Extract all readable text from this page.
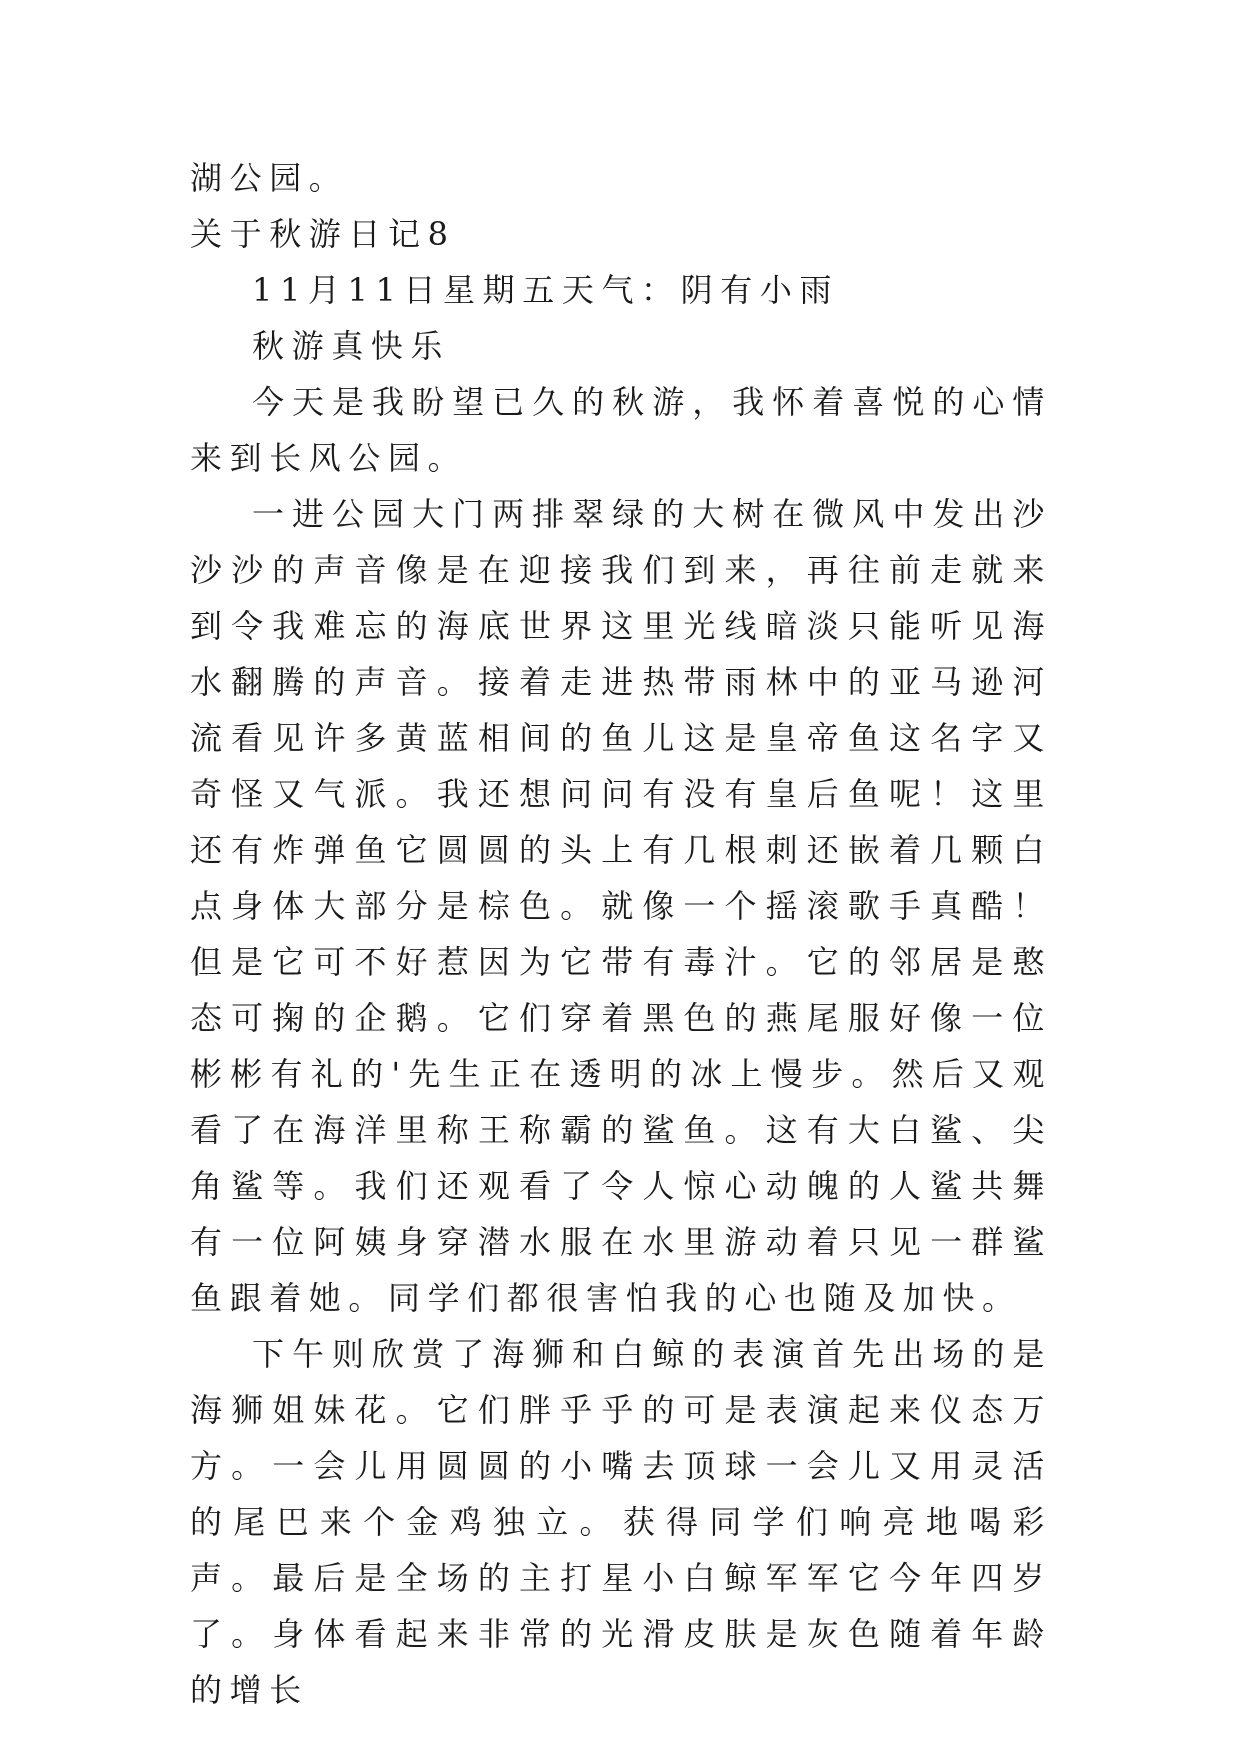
湖公园。

关于秋游日记8

11月11日星期五天气：阴有小雨

秋游真快乐

今天是我盼望已久的秋游，我怀着喜悦的心情来到长风公园。

一进公园大门两排翠绿的大树在微风中发出沙沙沙的声音像是在迎接我们到来，再往前走就来到令我难忘的海底世界这里光线暗淡只能听见海水翻腾的声音。接着走进热带雨林中的亚马逊河流看见许多黄蓝相间的鱼儿这是皇帝鱼这名字又奇怪又气派。我还想问问有没有皇后鱼呢！这里还有炸弹鱼它圆圆的头上有几根刺还嵌着几颗白点身体大部分是棕色。就像一个摇滚歌手真酷！但是它可不好惹因为它带有毒汁。它的邻居是憨态可掬的企鹅。它们穿着黑色的燕尾服好像一位彬彬有礼的'先生正在透明的冰上慢步。然后又观看了在海洋里称王称霸的鲨鱼。这有大白鲨、尖角鲨等。我们还观看了令人惊心动魄的人鲨共舞有一位阿姨身穿潜水服在水里游动着只见一群鲨鱼跟着她。同学们都很害怕我的心也随及加快。

下午则欣赏了海狮和白鲸的表演首先出场的是海狮姐妹花。它们胖乎乎的可是表演起来仪态万方。一会儿用圆圆的小嘴去顶球一会儿又用灵活的尾巴来个金鸡独立。获得同学们响亮地喝彩声。最后是全场的主打星小白鲸军军它今年四岁了。身体看起来非常的光滑皮肤是灰色随着年龄的增长
